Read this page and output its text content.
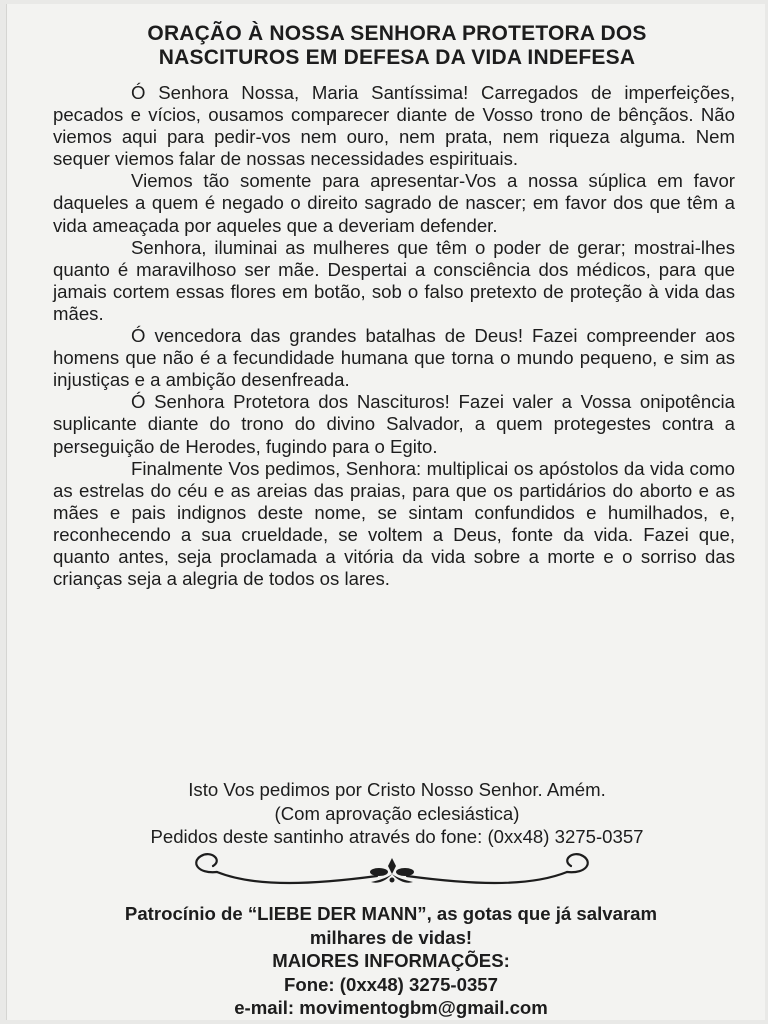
ORAÇÃO À NOSSA SENHORA PROTETORA DOS
NASCITUROS EM DEFESA DA VIDA INDEFESA

Ó Senhora Nossa, Maria Santíssima! Carregados de imperfeições, pecados e vícios, ousamos comparecer diante de Vosso trono de bênçãos. Não viemos aqui para pedir-vos nem ouro, nem prata, nem riqueza alguma. Nem sequer viemos falar de nossas necessidades espirituais.

Viemos tão somente para apresentar-Vos a nossa súplica em favor daqueles a quem é negado o direito sagrado de nascer; em favor dos que têm a vida ameaçada por aqueles que a deveriam defender.

Senhora, iluminai as mulheres que têm o poder de gerar; mostrai-lhes quanto é maravilhoso ser mãe. Despertai a consciência dos médicos, para que jamais cortem essas flores em botão, sob o falso pretexto de proteção à vida das mães.

Ó vencedora das grandes batalhas de Deus! Fazei compreender aos homens que não é a fecundidade humana que torna o mundo pequeno, e sim as injustiças e a ambição desenfreada.

Ó Senhora Protetora dos Nascituros! Fazei valer a Vossa onipotência suplicante diante do trono do divino Salvador, a quem protegestes contra a perseguição de Herodes, fugindo para o Egito.

Finalmente Vos pedimos, Senhora: multiplicai os apóstolos da vida como as estrelas do céu e as areias das praias, para que os partidários do aborto e as mães e pais indignos deste nome, se sintam confundidos e humilhados, e, reconhecendo a sua crueldade, se voltem a Deus, fonte da vida. Fazei que, quanto antes, seja proclamada a vitória da vida sobre a morte e o sorriso das crianças seja a alegria de todos os lares.

Isto Vos pedimos por Cristo Nosso Senhor. Amém.
(Com aprovação eclesiástica)
Pedidos deste santinho através do fone: (0xx48) 3275-0357
Patrocínio de “LIEBE DER MANN”, as gotas que já salvaram
milhares de vidas!
MAIORES INFORMAÇÕES:
Fone: (0xx48) 3275-0357
e-mail: movimentogbm@gmail.com
